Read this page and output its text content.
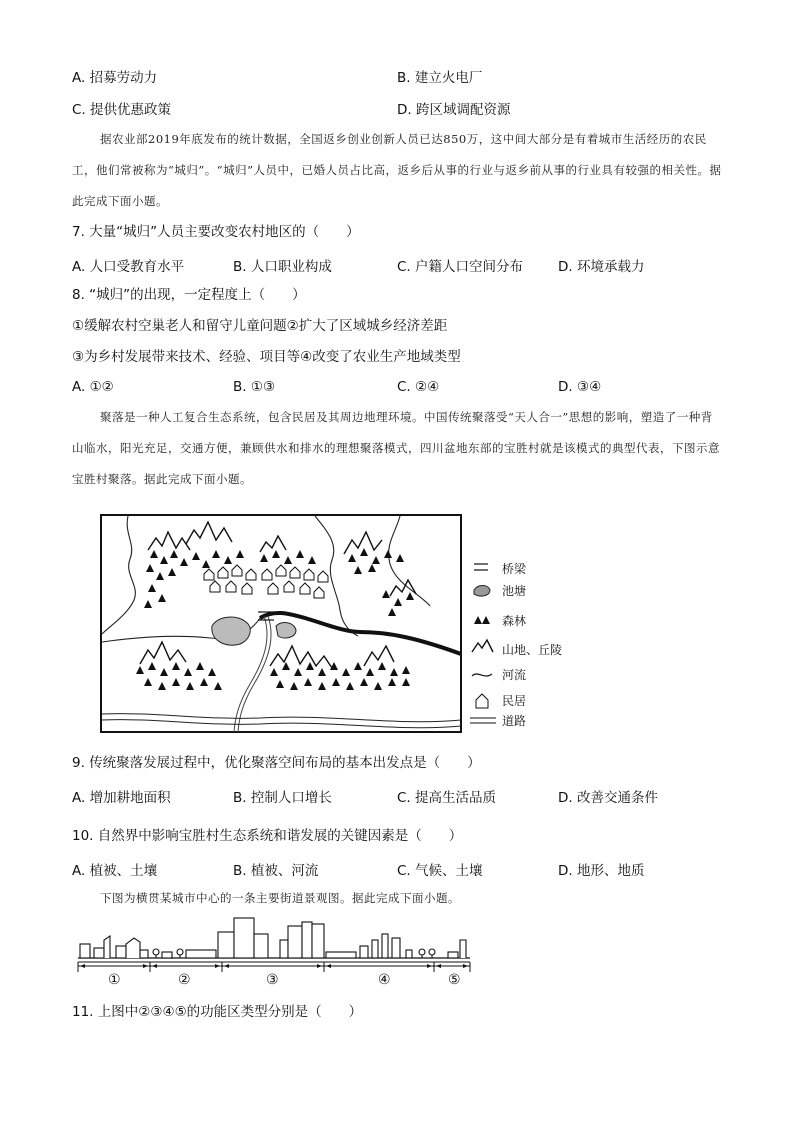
A. 招募劳动力	B. 建立火电厂
C. 提供优惠政策	D. 跨区域调配资源
据农业部2019年底发布的统计数据，全国返乡创业创新人员已达850万，这中间大部分是有着城市生活经历的农民工，他们常被称为“城归”。“城归”人员中，已婚人员占比高，返乡后从事的行业与返乡前从事的行业具有较强的相关性。据此完成下面小题。
7. 大量“城归”人员主要改变农村地区的（　　）
A. 人口受教育水平	B. 人口职业构成	C. 户籍人口空间分布	D. 环境承载力
8. “城归”的出现，一定程度上（　　）
①缓解农村空巢老人和留守儿童问题②扩大了区域城乡经济差距
③为乡村发展带来技术、经验、项目等④改变了农业生产地域类型
A. ①②	B. ①③	C. ②④	D. ③④
聚落是一种人工复合生态系统，包含民居及其周边地理环境。中国传统聚落受“天人合一”思想的影响，塑造了一种背山临水，阳光充足，交通方便，兼顾供水和排水的理想聚落模式，四川盆地东部的宝胜村就是该模式的典型代表，下图示意宝胜村聚落。据此完成下面小题。
桥梁
池塘
森林
山地、丘陵
河流
民居
道路
9. 传统聚落发展过程中，优化聚落空间布局的基本出发点是（　　）
A. 增加耕地面积	B. 控制人口增长	C. 提高生活品质	D. 改善交通条件
10. 自然界中影响宝胜村生态系统和谐发展的关键因素是（　　）
A. 植被、土壤	B. 植被、河流	C. 气候、土壤	D. 地形、地质
下图为横贯某城市中心的一条主要街道景观图。据此完成下面小题。
①	②	③	④	⑤
11. 上图中②③④⑤的功能区类型分别是（　　）
